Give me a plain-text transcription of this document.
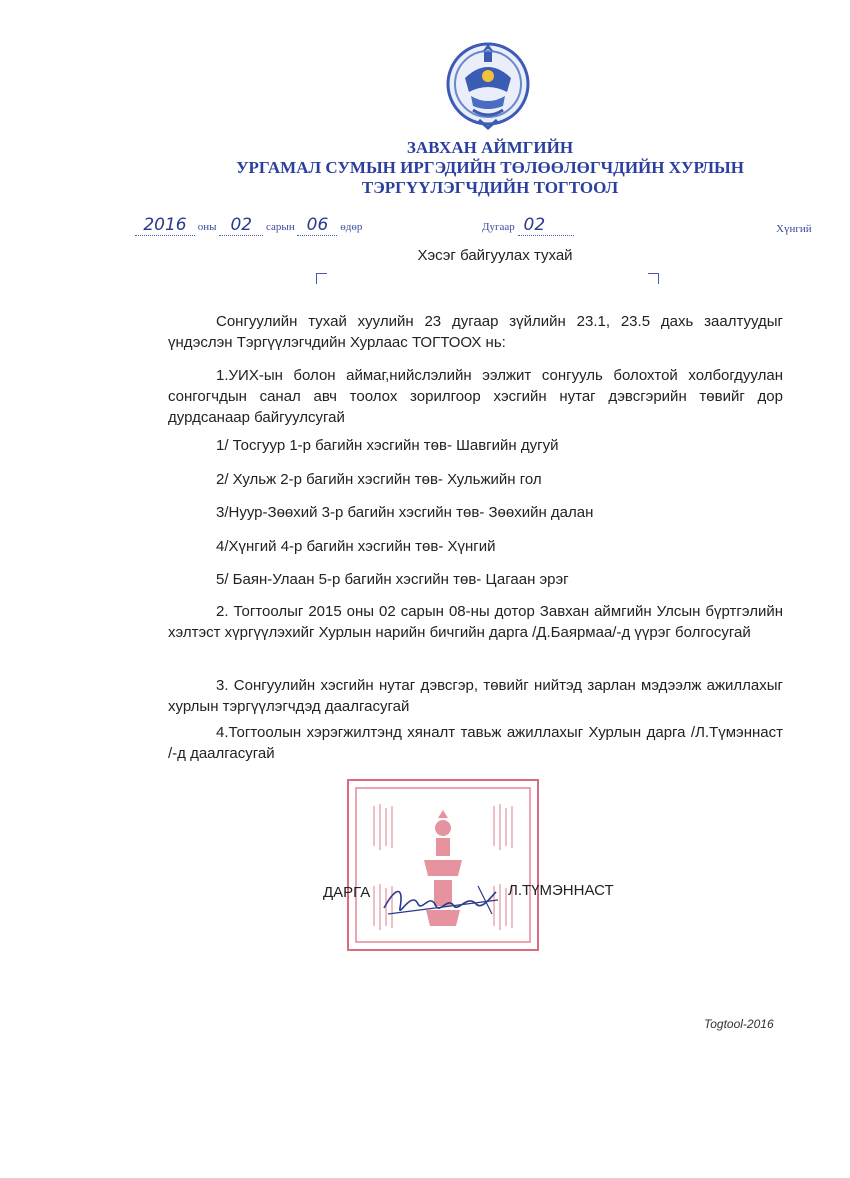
ЗАВХАН АЙМГИЙН
УРГАМАЛ СУМЫН ИРГЭДИЙН ТӨЛӨӨЛӨГЧДИЙН ХУРЛЫН
ТЭРГҮҮЛЭГЧДИЙН ТОГТООЛ
2016 оны 02 сарын 06 өдөр	Дугаар 02	Хүнгий
Хэсэг байгуулах тухай
Сонгуулийн тухай хуулийн 23 дугаар зүйлийн 23.1, 23.5 дахь заалтуудыг үндэслэн Тэргүүлэгчдийн Хурлаас ТОГТООХ нь:
1.УИХ-ын болон аймаг,нийслэлийн ээлжит сонгууль болохтой холбогдуулан сонгогчдын санал авч тоолох зорилгоор хэсгийн нутаг дэвсгэрийн төвийг дор дурдсанаар байгуулсугай
1/ Тосгуур 1-р багийн хэсгийн төв- Шавгийн дугуй
2/ Хульж 2-р багийн хэсгийн төв- Хульжийн гол
3/Нуур-Зөөхий 3-р багийн хэсгийн төв- Зөөхийн далан
4/Хүнгий 4-р багийн хэсгийн төв- Хүнгий
5/ Баян-Улаан 5-р багийн хэсгийн төв- Цагаан эрэг
2. Тогтоолыг 2015 оны 02 сарын 08-ны дотор Завхан аймгийн Улсын бүртгэлийн хэлтэст хүргүүлэхийг Хурлын нарийн бичгийн дарга /Д.Баярмаа/-д үүрэг болгосугай
3. Сонгуулийн хэсгийн нутаг дэвсгэр, төвийг нийтэд зарлан мэдээлж ажиллахыг хурлын тэргүүлэгчдэд даалгасугай
4.Тогтоолын хэрэгжилтэнд хяналт тавьж ажиллахыг Хурлын дарга /Л.Түмэннаст /-д даалгасугай
ДАРГА	Л.ТҮМЭННАСТ
Togtool-2016
